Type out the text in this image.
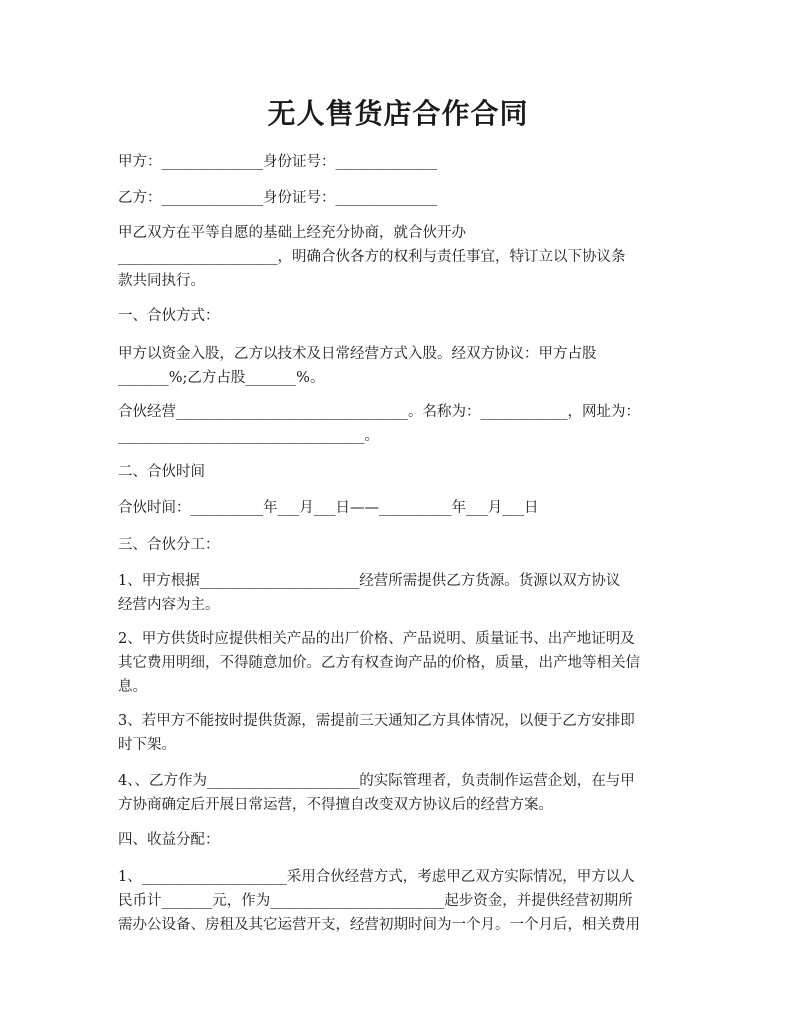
无人售货店合作合同

甲方：______________身份证号：______________

乙方：______________身份证号：______________

甲乙双方在平等自愿的基础上经充分协商，就合伙开办
______________________，明确合伙各方的权利与责任事宜，特订立以下协议条
款共同执行。

一、合伙方式：

甲方以资金入股，乙方以技术及日常经营方式入股。经双方协议：甲方占股
_______%;乙方占股_______%。

合伙经营________________________________。名称为：____________，网址为：
__________________________________。

二、合伙时间

合伙时间：__________年___月___日——__________年___月___日

三、合伙分工：

1、甲方根据______________________经营所需提供乙方货源。货源以双方协议
经营内容为主。

2、甲方供货时应提供相关产品的出厂价格、产品说明、质量证书、出产地证明及
其它费用明细，不得随意加价。乙方有权查询产品的价格，质量，出产地等相关信
息。

3、若甲方不能按时提供货源，需提前三天通知乙方具体情况，以便于乙方安排即
时下架。

4、、乙方作为_____________________的实际管理者，负责制作运营企划，在与甲
方协商确定后开展日常运营，不得擅自改变双方协议后的经营方案。

四、收益分配：

1、____________________采用合伙经营方式，考虑甲乙双方实际情况，甲方以人
民币计_______元，作为________________________起步资金，并提供经营初期所
需办公设备、房租及其它运营开支，经营初期时间为一个月。一个月后，相关费用
